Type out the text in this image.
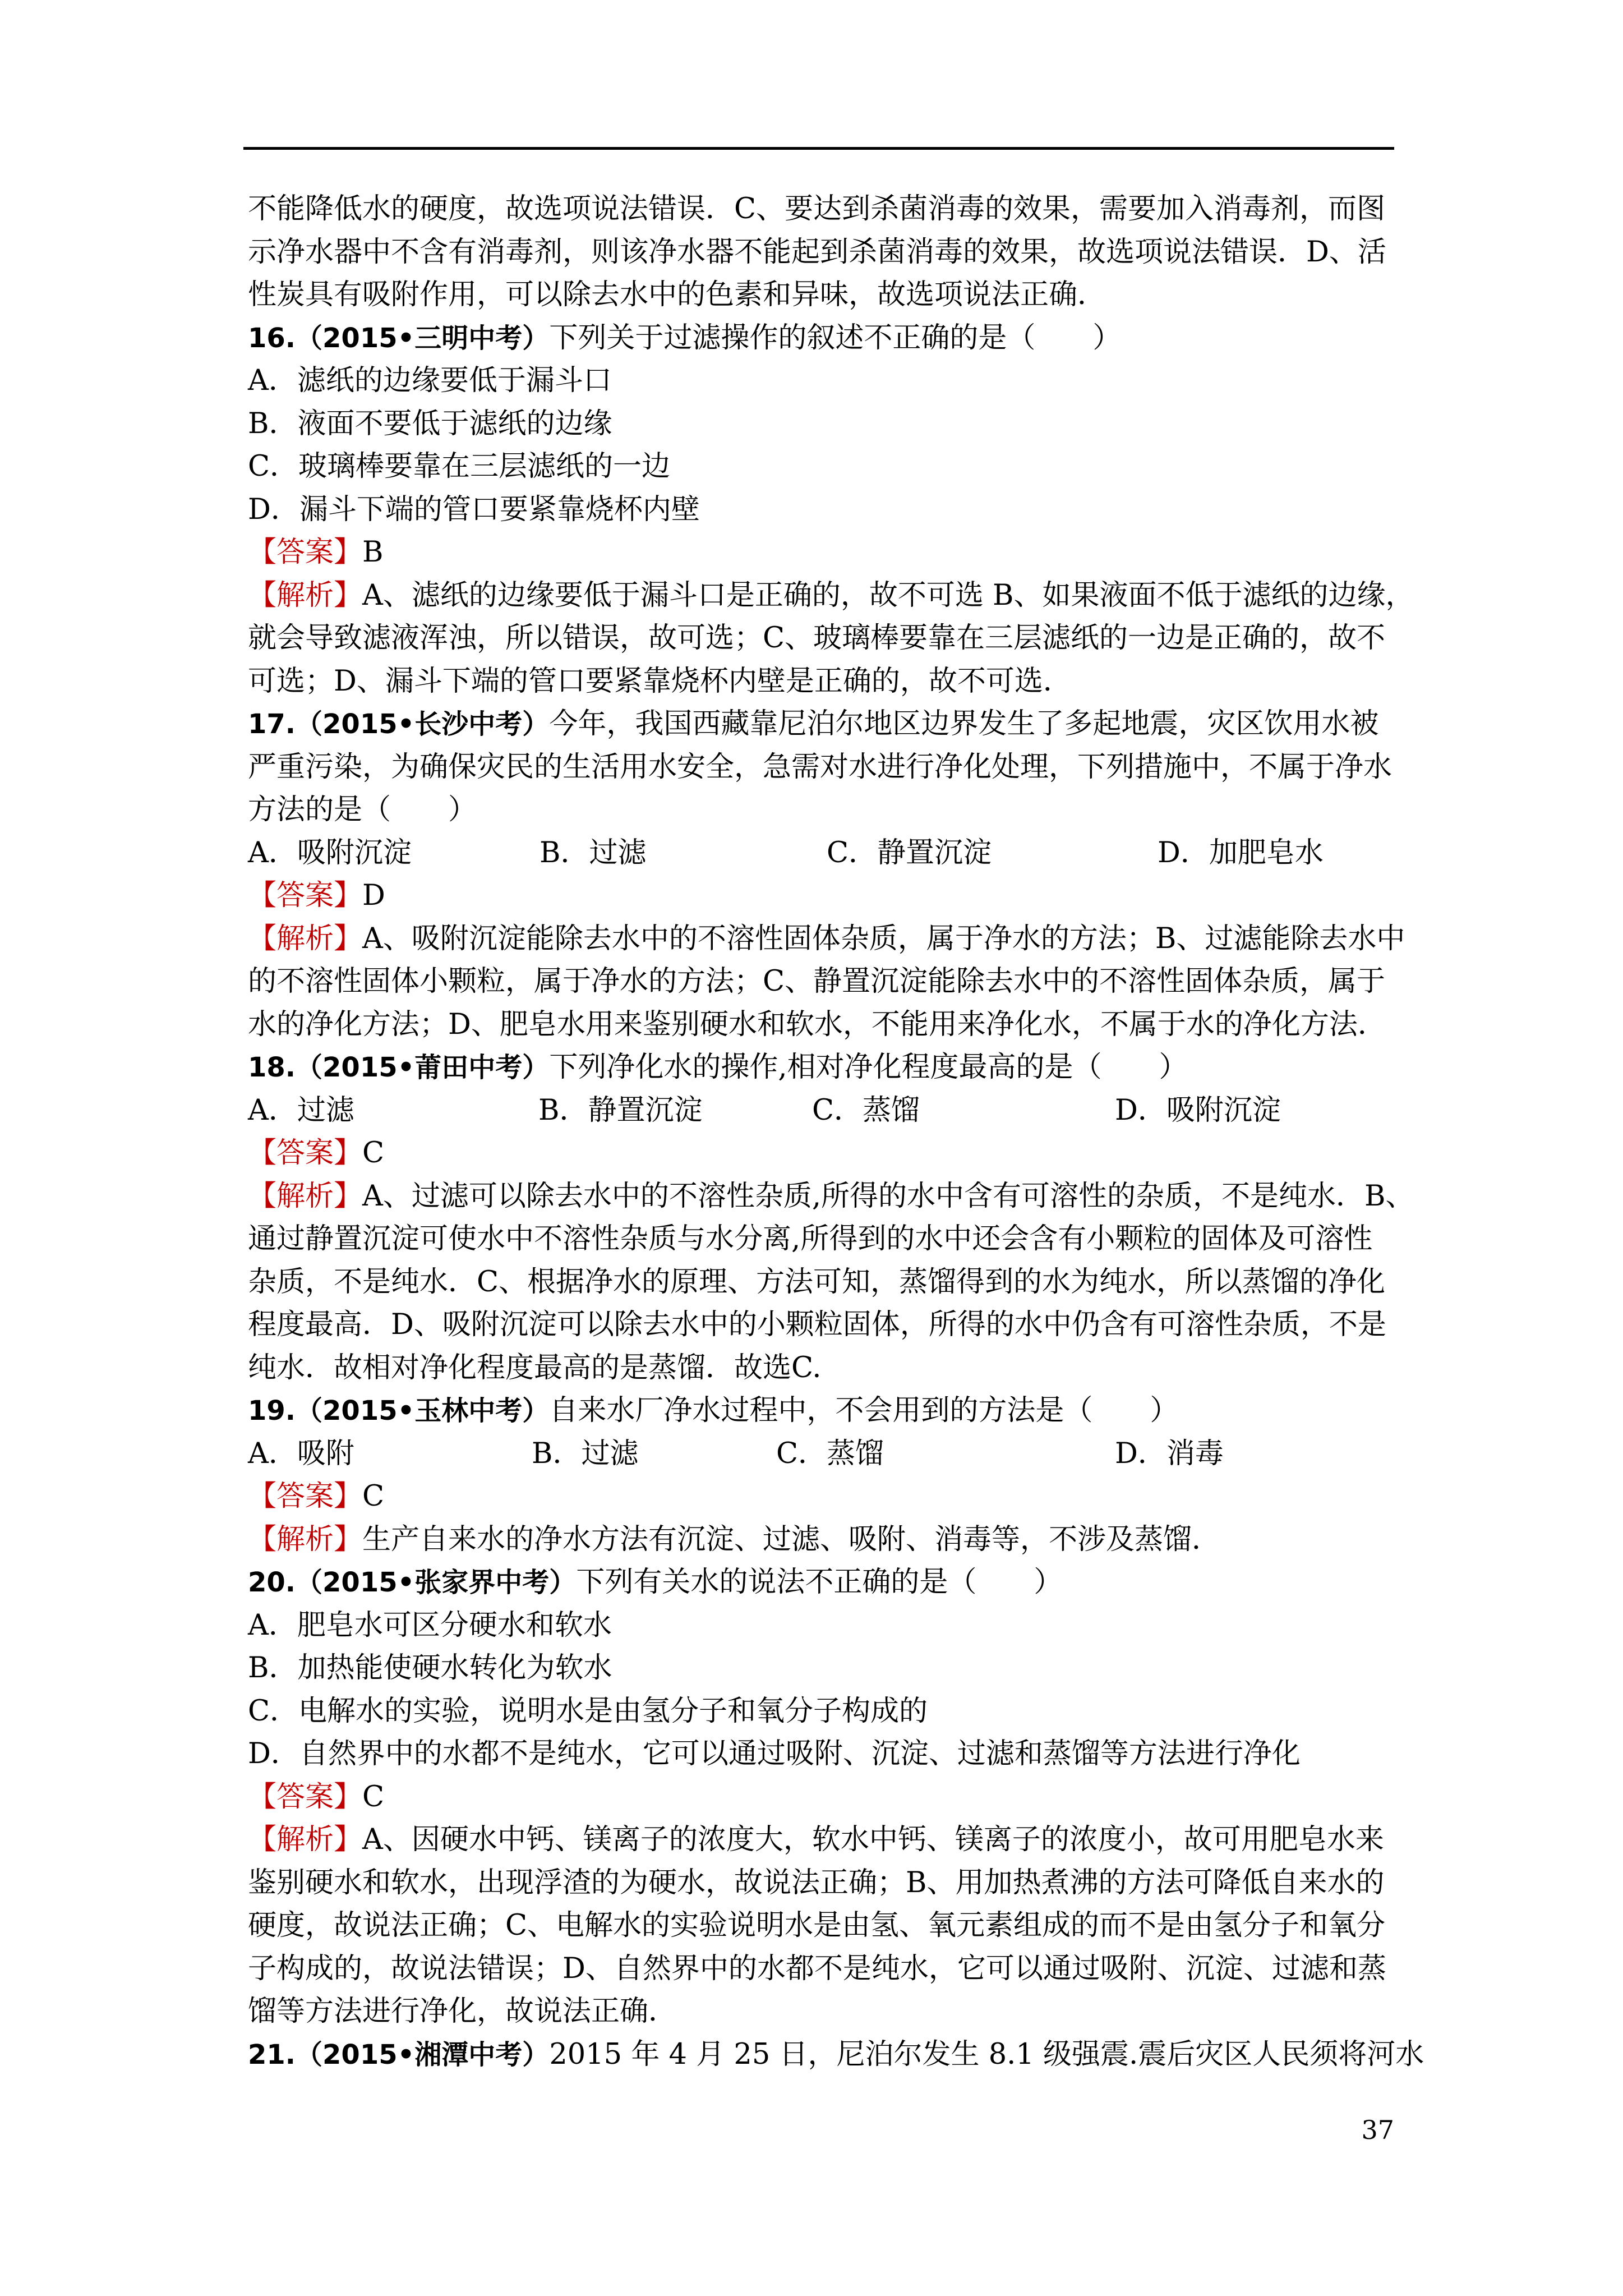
不能降低水的硬度，故选项说法错误．C、要达到杀菌消毒的效果，需要加入消毒剂，而图
示净水器中不含有消毒剂，则该净水器不能起到杀菌消毒的效果，故选项说法错误．D、活
性炭具有吸附作用，可以除去水中的色素和异味，故选项说法正确．
16.（2015•三明中考）下列关于过滤操作的叙述不正确的是（　　）
A．滤纸的边缘要低于漏斗口
B．液面不要低于滤纸的边缘
C．玻璃棒要靠在三层滤纸的一边
D．漏斗下端的管口要紧靠烧杯内壁
【答案】B
【解析】A、滤纸的边缘要低于漏斗口是正确的，故不可选 B、如果液面不低于滤纸的边缘，
就会导致滤液浑浊，所以错误，故可选；C、玻璃棒要靠在三层滤纸的一边是正确的，故不
可选；D、漏斗下端的管口要紧靠烧杯内壁是正确的，故不可选．
17.（2015•长沙中考）今年，我国西藏靠尼泊尔地区边界发生了多起地震，灾区饮用水被
严重污染，为确保灾民的生活用水安全，急需对水进行净化处理，下列措施中，不属于净水
方法的是（　　）
A．吸附沉淀	B．过滤	C．静置沉淀	D．加肥皂水
【答案】D
【解析】A、吸附沉淀能除去水中的不溶性固体杂质，属于净水的方法；B、过滤能除去水中
的不溶性固体小颗粒，属于净水的方法；C、静置沉淀能除去水中的不溶性固体杂质，属于
水的净化方法；D、肥皂水用来鉴别硬水和软水，不能用来净化水，不属于水的净化方法．
18.（2015•莆田中考）下列净化水的操作,相对净化程度最高的是（　　）
A．过滤	B．静置沉淀	C．蒸馏	D．吸附沉淀
【答案】C
【解析】A、过滤可以除去水中的不溶性杂质,所得的水中含有可溶性的杂质，不是纯水．B、
通过静置沉淀可使水中不溶性杂质与水分离,所得到的水中还会含有小颗粒的固体及可溶性
杂质，不是纯水．C、根据净水的原理、方法可知，蒸馏得到的水为纯水，所以蒸馏的净化
程度最高．D、吸附沉淀可以除去水中的小颗粒固体，所得的水中仍含有可溶性杂质，不是
纯水．故相对净化程度最高的是蒸馏．故选C.
19.（2015•玉林中考）自来水厂净水过程中，不会用到的方法是（　　）
A．吸附	B．过滤	C．蒸馏	D．消毒
【答案】C
【解析】生产自来水的净水方法有沉淀、过滤、吸附、消毒等，不涉及蒸馏．
20.（2015•张家界中考）下列有关水的说法不正确的是（　　）
A．肥皂水可区分硬水和软水
B．加热能使硬水转化为软水
C．电解水的实验，说明水是由氢分子和氧分子构成的
D．自然界中的水都不是纯水，它可以通过吸附、沉淀、过滤和蒸馏等方法进行净化
【答案】C
【解析】A、因硬水中钙、镁离子的浓度大，软水中钙、镁离子的浓度小，故可用肥皂水来
鉴别硬水和软水，出现浮渣的为硬水，故说法正确；B、用加热煮沸的方法可降低自来水的
硬度，故说法正确；C、电解水的实验说明水是由氢、氧元素组成的而不是由氢分子和氧分
子构成的，故说法错误；D、自然界中的水都不是纯水，它可以通过吸附、沉淀、过滤和蒸
馏等方法进行净化，故说法正确．
21.（2015•湘潭中考）2015 年 4 月 25 日，尼泊尔发生 8.1 级强震.震后灾区人民须将河水
37
